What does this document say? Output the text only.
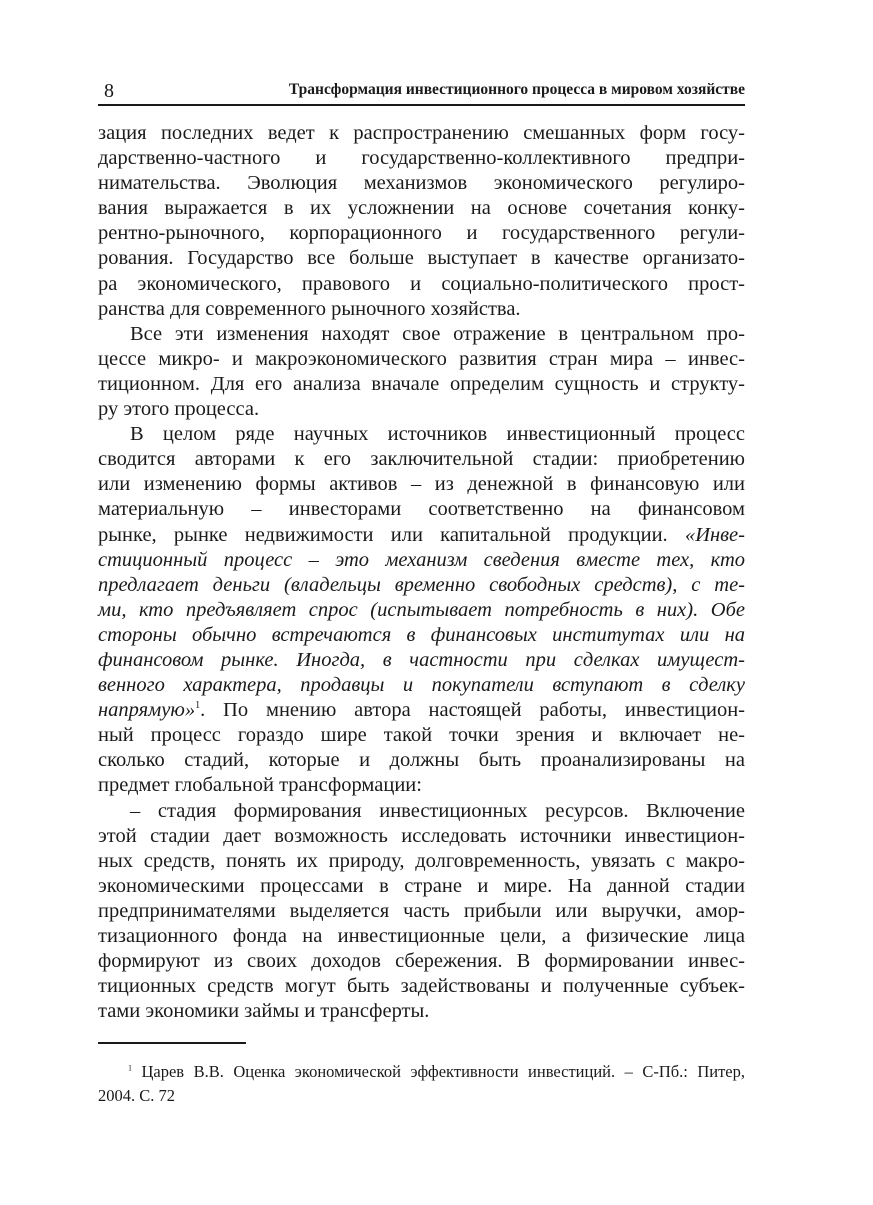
8	Трансформация инвестиционного процесса в мировом хозяйстве
зация последних ведет к распространению смешанных форм госу-
дарственно-частного и государственно-коллективного предпри-
нимательства. Эволюция механизмов экономического регулиро-
вания выражается в их усложнении на основе сочетания конку-
рентно-рыночного, корпорационного и государственного регули-
рования. Государство все больше выступает в качестве организато-
ра экономического, правового и социально-политического прост-
ранства для современного рыночного хозяйства.
Все эти изменения находят свое отражение в центральном про-
цессе микро- и макроэкономического развития стран мира – инвес-
тиционном. Для его анализа вначале определим сущность и структу-
ру этого процесса.
В целом ряде научных источников инвестиционный процесс
сводится авторами к его заключительной стадии: приобретению
или изменению формы активов – из денежной в финансовую или
материальную – инвесторами соответственно на финансовом
рынке, рынке недвижимости или капитальной продукции. «Инве-
стиционный процесс – это механизм сведения вместе тех, кто
предлагает деньги (владельцы временно свободных средств), с те-
ми, кто предъявляет спрос (испытывает потребность в них). Обе
стороны обычно встречаются в финансовых институтах или на
финансовом рынке. Иногда, в частности при сделках имущест-
венного характера, продавцы и покупатели вступают в сделку
напрямую»$^1$. По мнению автора настоящей работы, инвестицион-
ный процесс гораздо шире такой точки зрения и включает не-
сколько стадий, которые и должны быть проанализированы на
предмет глобальной трансформации:
– стадия формирования инвестиционных ресурсов. Включение
этой стадии дает возможность исследовать источники инвестицион-
ных средств, понять их природу, долговременность, увязать с макро-
экономическими процессами в стране и мире. На данной стадии
предпринимателями выделяется часть прибыли или выручки, амор-
тизационного фонда на инвестиционные цели, а физические лица
формируют из своих доходов сбережения. В формировании инвес-
тиционных средств могут быть задействованы и полученные субъек-
тами экономики займы и трансферты.
$^1$ Царев В.В. Оценка экономической эффективности инвестиций. – С-Пб.: Питер,
2004. С. 72
